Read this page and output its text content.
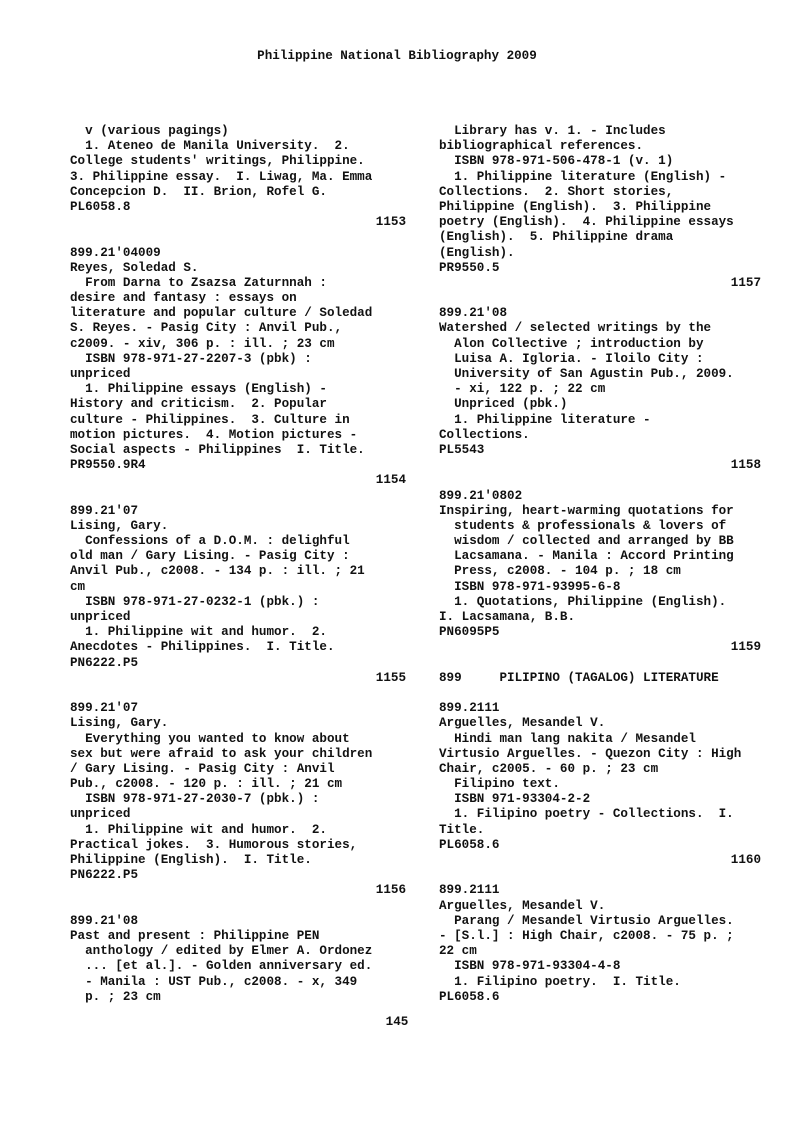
Philippine National Bibliography 2009
v (various pagings)
1. Ateneo de Manila University.  2.
College students' writings, Philippine.
3. Philippine essay.  I. Liwag, Ma. Emma
Concepcion D.  II. Brion, Rofel G.
PL6058.8
1153
899.21'04009
Reyes, Soledad S.
From Darna to Zsazsa Zaturnnah :
desire and fantasy : essays on
literature and popular culture / Soledad
S. Reyes. - Pasig City : Anvil Pub.,
c2009. - xiv, 306 p. : ill. ; 23 cm
ISBN 978-971-27-2207-3 (pbk) :
unpriced
1. Philippine essays (English) -
History and criticism.  2. Popular
culture - Philippines.  3. Culture in
motion pictures.  4. Motion pictures -
Social aspects - Philippines  I. Title.
PR9550.9R4
1154
899.21'07
Lising, Gary.
Confessions of a D.O.M. : delighful
old man / Gary Lising. - Pasig City :
Anvil Pub., c2008. - 134 p. : ill. ; 21
cm
ISBN 978-971-27-0232-1 (pbk.) :
unpriced
1. Philippine wit and humor.  2.
Anecdotes - Philippines.  I. Title.
PN6222.P5
1155
899.21'07
Lising, Gary.
Everything you wanted to know about
sex but were afraid to ask your children
/ Gary Lising. - Pasig City : Anvil
Pub., c2008. - 120 p. : ill. ; 21 cm
ISBN 978-971-27-2030-7 (pbk.) :
unpriced
1. Philippine wit and humor.  2.
Practical jokes.  3. Humorous stories,
Philippine (English).  I. Title.
PN6222.P5
1156
899.21'08
Past and present : Philippine PEN
anthology / edited by Elmer A. Ordonez
... [et al.]. - Golden anniversary ed.
- Manila : UST Pub., c2008. - x, 349
p. ; 23 cm
Library has v. 1. - Includes
bibliographical references.
ISBN 978-971-506-478-1 (v. 1)
1. Philippine literature (English) -
Collections.  2. Short stories,
Philippine (English).  3. Philippine
poetry (English).  4. Philippine essays
(English).  5. Philippine drama
(English).
PR9550.5
1157
899.21'08
Watershed / selected writings by the
Alon Collective ; introduction by
Luisa A. Igloria. - Iloilo City :
University of San Agustin Pub., 2009.
- xi, 122 p. ; 22 cm
Unpriced (pbk.)
1. Philippine literature -
Collections.
PL5543
1158
899.21'0802
Inspiring, heart-warming quotations for
students & professionals & lovers of
wisdom / collected and arranged by BB
Lacsamana. - Manila : Accord Printing
Press, c2008. - 104 p. ; 18 cm
ISBN 978-971-93995-6-8
1. Quotations, Philippine (English).
I. Lacsamana, B.B.
PN6095P5
1159
899     PILIPINO (TAGALOG) LITERATURE
899.2111
Arguelles, Mesandel V.
Hindi man lang nakita / Mesandel
Virtusio Arguelles. - Quezon City : High
Chair, c2005. - 60 p. ; 23 cm
Filipino text.
ISBN 971-93304-2-2
1. Filipino poetry - Collections.  I.
Title.
PL6058.6
1160
899.2111
Arguelles, Mesandel V.
Parang / Mesandel Virtusio Arguelles.
- [S.l.] : High Chair, c2008. - 75 p. ;
22 cm
ISBN 978-971-93304-4-8
1. Filipino poetry.  I. Title.
PL6058.6
145
